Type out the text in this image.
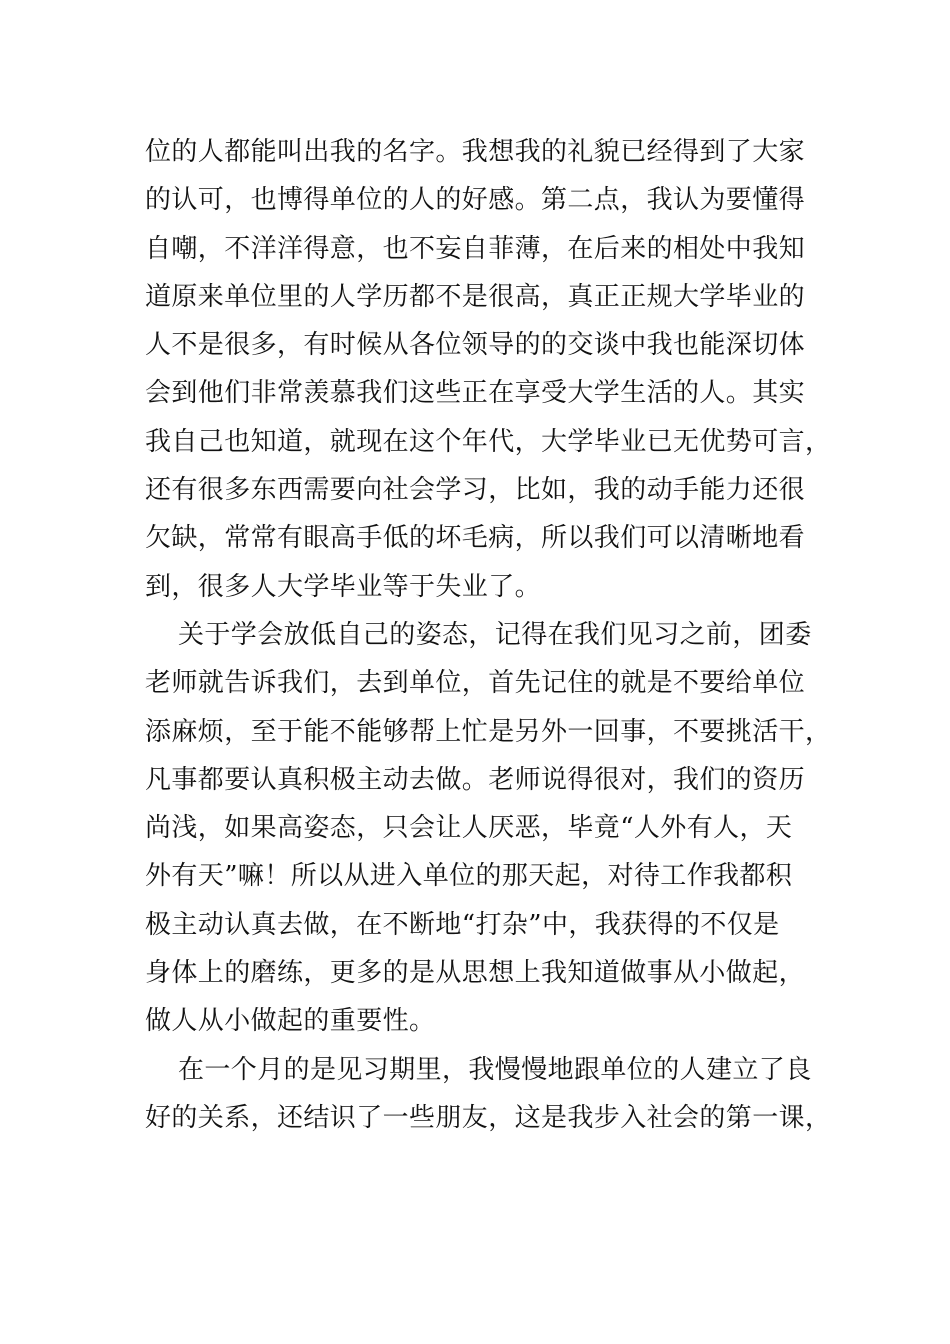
位的人都能叫出我的名字。我想我的礼貌已经得到了大家
的认可，也博得单位的人的好感。第二点，我认为要懂得
自嘲，不洋洋得意，也不妄自菲薄，在后来的相处中我知
道原来单位里的人学历都不是很高，真正正规大学毕业的
人不是很多，有时候从各位领导的的交谈中我也能深切体
会到他们非常羡慕我们这些正在享受大学生活的人。其实
我自己也知道，就现在这个年代，大学毕业已无优势可言，
还有很多东西需要向社会学习，比如，我的动手能力还很
欠缺，常常有眼高手低的坏毛病，所以我们可以清晰地看
到，很多人大学毕业等于失业了。
关于学会放低自己的姿态，记得在我们见习之前，团委
老师就告诉我们，去到单位，首先记住的就是不要给单位
添麻烦，至于能不能够帮上忙是另外一回事，不要挑活干，
凡事都要认真积极主动去做。老师说得很对，我们的资历
尚浅，如果高姿态，只会让人厌恶，毕竟“人外有人，天
外有天”嘛！所以从进入单位的那天起，对待工作我都积
极主动认真去做，在不断地“打杂”中，我获得的不仅是
身体上的磨练，更多的是从思想上我知道做事从小做起，
做人从小做起的重要性。
在一个月的是见习期里，我慢慢地跟单位的人建立了良
好的关系，还结识了一些朋友，这是我步入社会的第一课，
